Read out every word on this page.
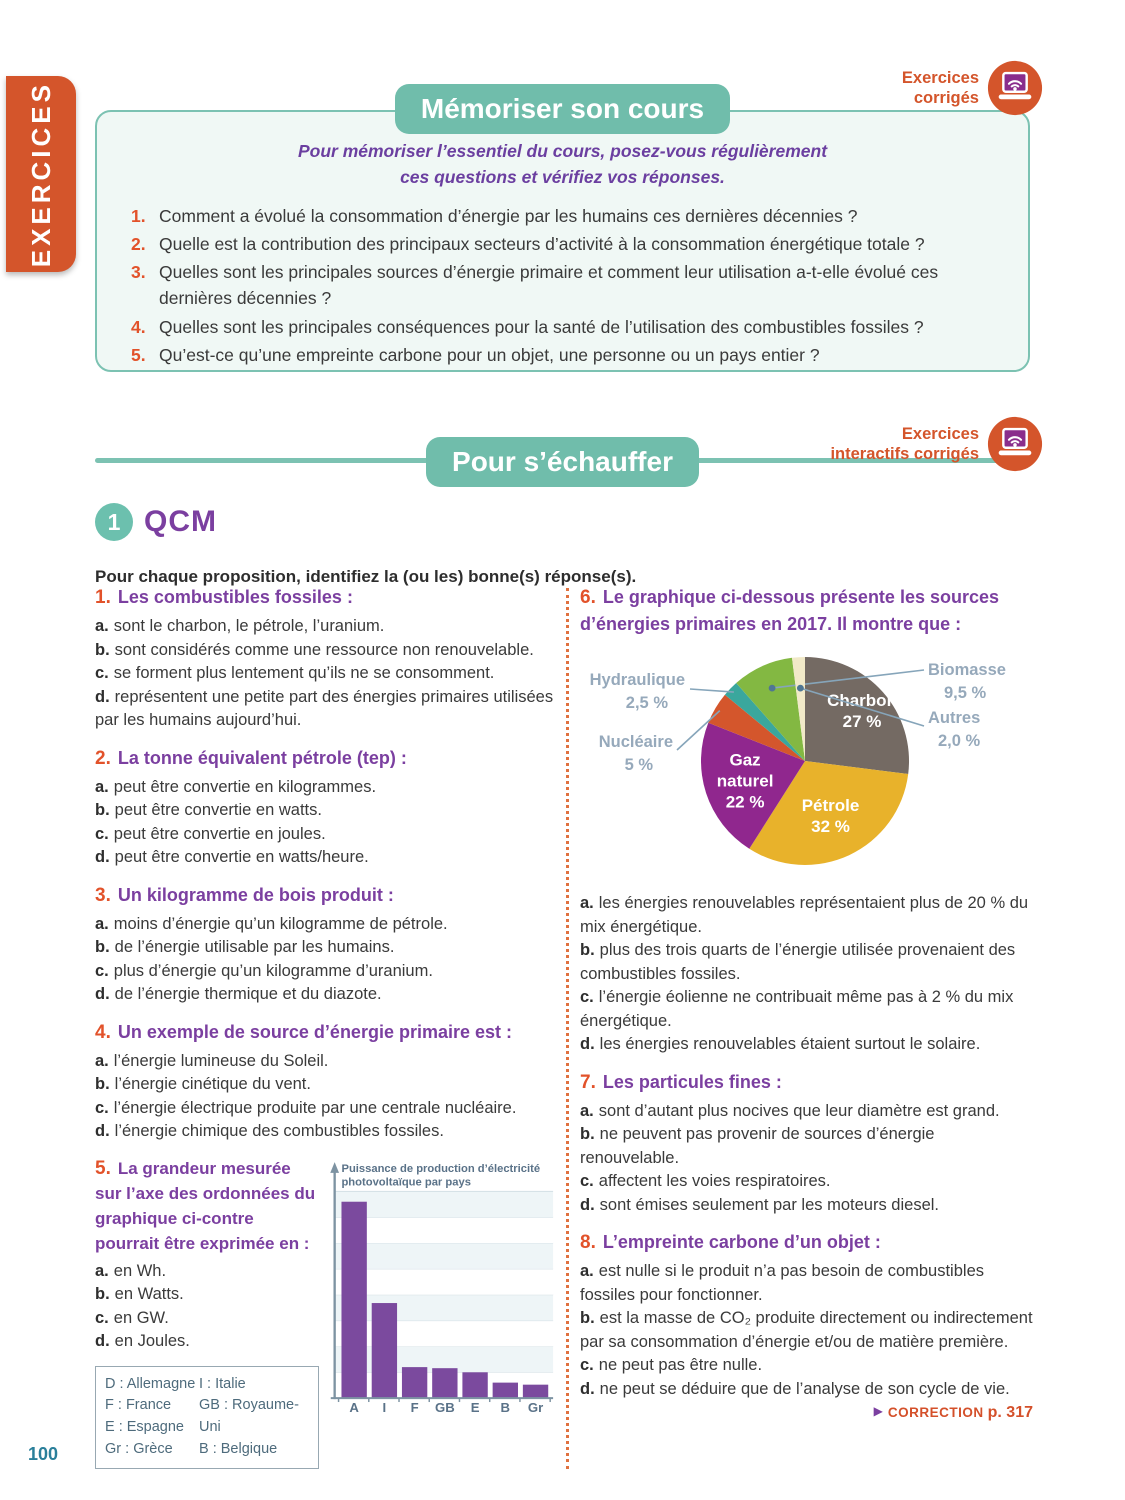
EXERCICES	Pour mémoriser l’essentiel du cours, posez-vous régulièrement
ces questions et vérifiez vos réponses.

1. Comment a évolué la consommation d’énergie par les humains ces dernières décennies ?

2. Quelle est la contribution des principaux secteurs d’activité à la consommation énergétique totale ?

3. Quelles sont les principales sources d’énergie primaire et comment leur utilisation a-t-elle évolué ces dernières décennies ?

4. Quelles sont les principales conséquences pour la santé de l’utilisation des combustibles fossiles ?

5. Qu’est-ce qu’une empreinte carbone pour un objet, une personne ou un pays entier ?

Mémoriser son cours
Exercices
corrigés
Pour s’échauffer
Exercices
interactifs corrigés
1 QCM

Pour chaque proposition, identifiez la (ou les) bonne(s) réponse(s).

1. Les combustibles fossiles :

a. sont le charbon, le pétrole, l’uranium.

b. sont considérés comme une ressource non renouvelable.

c. se forment plus lentement qu’ils ne se consomment.

d. représentent une petite part des énergies primaires utilisées par les humains aujourd’hui.

2. La tonne équivalent pétrole (tep) :

a. peut être convertie en kilogrammes.

b. peut être convertie en watts.

c. peut être convertie en joules.

d. peut être convertie en watts/heure.

3. Un kilogramme de bois produit :

a. moins d’énergie qu’un kilogramme de pétrole.

b. de l’énergie utilisable par les humains.

c. plus d’énergie qu’un kilogramme d’uranium.

d. de l’énergie thermique et du diazote.

4. Un exemple de source d’énergie primaire est :

a. l’énergie lumineuse du Soleil.

b. l’énergie cinétique du vent.

c. l’énergie électrique produite par une centrale nucléaire.

d. l’énergie chimique des combustibles fossiles.

5. La grandeur mesurée sur l’axe des ordonnées du graphique ci-contre pourrait être exprimée en :

a. en Wh.

b. en Watts.

c. en GW.

d. en Joules.

D : Allemagne
F : France
E : Espagne
Gr : Grèce
I : Italie
GB : Royaume-Uni
B : Belgique
A I F GB E B Gr
Puissance de production d’électricité
photovoltaïque par pays

6. Le graphique ci-dessous présente les sources d’énergies primaires en 2017. Il montre que :

Charbon 27 %
Pétrole 32 %
Gaz naturel 22 %
Nucléaire 5 %
Hydraulique 2,5 %
Biomasse 9,5 %
Autres 2,0 %

a. les énergies renouvelables représentaient plus de 20 % du mix énergétique.

b. plus des trois quarts de l’énergie utilisée provenaient des combustibles fossiles.

c. l’énergie éolienne ne contribuait même pas à 2 % du mix énergétique.

d. les énergies renouvelables étaient surtout le solaire.

7. Les particules fines :

a. sont d’autant plus nocives que leur diamètre est grand.

b. ne peuvent pas provenir de sources d’énergie renouvelable.

c. affectent les voies respiratoires.

d. sont émises seulement par les moteurs diesel.

8. L’empreinte carbone d’un objet :

a. est nulle si le produit n’a pas besoin de combustibles fossiles pour fonctionner.

b. est la masse de CO₂ produite directement ou indirectement par sa consommation d’énergie et/ou de matière première.

c. ne peut pas être nulle.

d. ne peut se déduire que de l’analyse de son cycle de vie.

▶ CORRECTION p. 317
100
